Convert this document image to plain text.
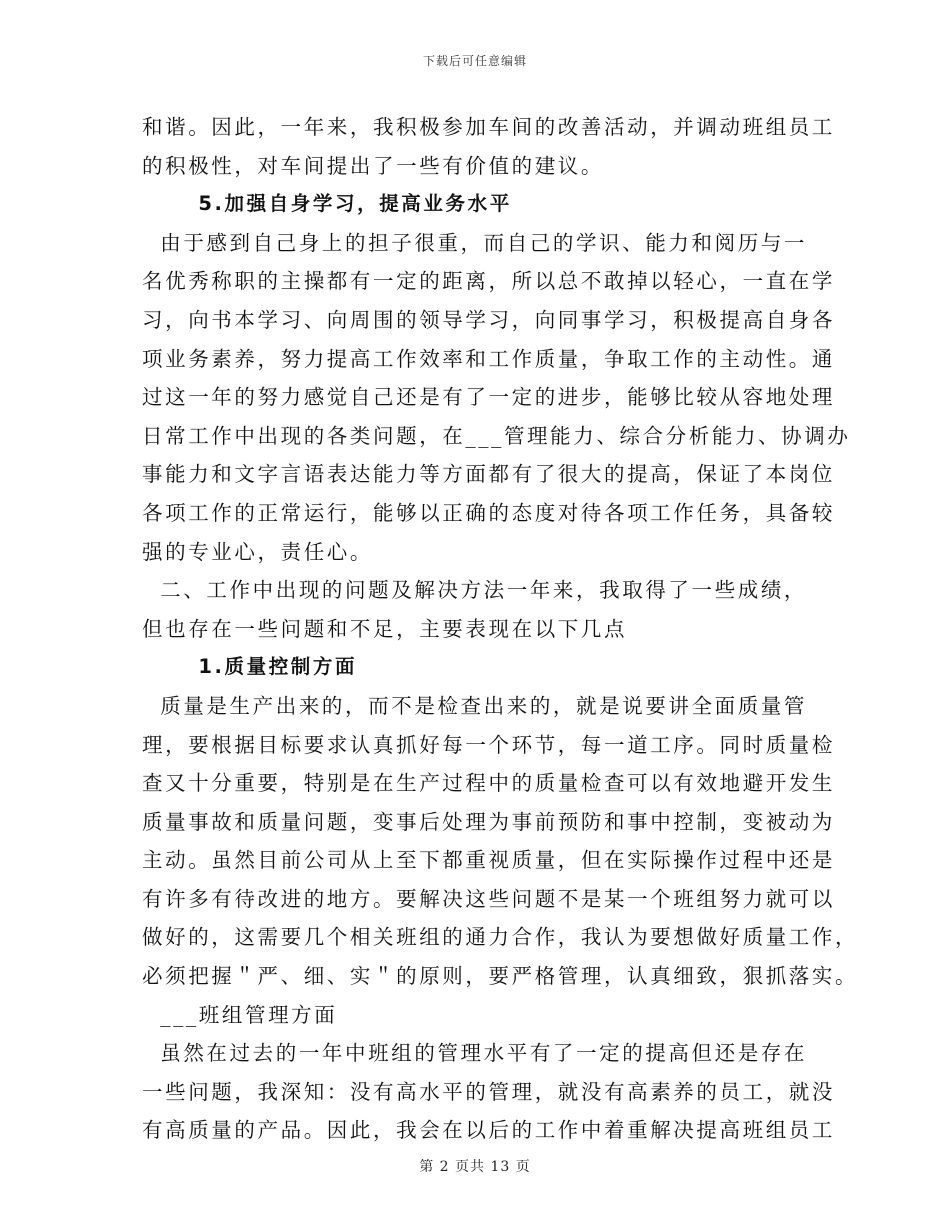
下载后可任意编辑
和谐。因此，一年来，我积极参加车间的改善活动，并调动班组员工
的积极性，对车间提出了一些有价值的建议。
5.加强自身学习，提高业务水平
由于感到自己身上的担子很重，而自己的学识、能力和阅历与一
名优秀称职的主操都有一定的距离，所以总不敢掉以轻心，一直在学
习，向书本学习、向周围的领导学习，向同事学习，积极提高自身各
项业务素养，努力提高工作效率和工作质量，争取工作的主动性。通
过这一年的努力感觉自己还是有了一定的进步，能够比较从容地处理
日常工作中出现的各类问题，在___管理能力、综合分析能力、协调办
事能力和文字言语表达能力等方面都有了很大的提高，保证了本岗位
各项工作的正常运行，能够以正确的态度对待各项工作任务，具备较
强的专业心，责任心。
二、工作中出现的问题及解决方法一年来，我取得了一些成绩，
但也存在一些问题和不足，主要表现在以下几点
1.质量控制方面
质量是生产出来的，而不是检查出来的，就是说要讲全面质量管
理，要根据目标要求认真抓好每一个环节，每一道工序。同时质量检
查又十分重要，特别是在生产过程中的质量检查可以有效地避开发生
质量事故和质量问题，变事后处理为事前预防和事中控制，变被动为
主动。虽然目前公司从上至下都重视质量，但在实际操作过程中还是
有许多有待改进的地方。要解决这些问题不是某一个班组努力就可以
做好的，这需要几个相关班组的通力合作，我认为要想做好质量工作，
必须把握＂严、细、实＂的原则，要严格管理，认真细致，狠抓落实。
___班组管理方面
虽然在过去的一年中班组的管理水平有了一定的提高但还是存在
一些问题，我深知：没有高水平的管理，就没有高素养的员工，就没
有高质量的产品。因此，我会在以后的工作中着重解决提高班组员工
第 2 页共 13 页
